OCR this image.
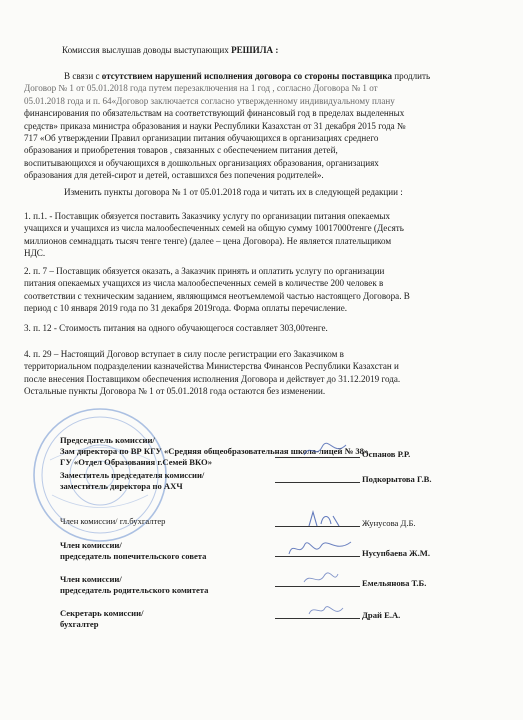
Комиссия выслушав доводы выступающих РЕШИЛА :

В связи с отсутствием нарушений исполнения договора со стороны поставщика продлить
Договор № 1 от 05.01.2018 года путем перезаключения на 1 год , согласно Договора № 1 от
05.01.2018 года и п. 64«Договор заключается согласно утвержденному индивидуальному плану
финансирования по обязательствам на соответствующий финансовый год в пределах выделенных
средств» приказа министра образования и науки Республики Казахстан от 31 декабря 2015 года №
717 «Об утверждении Правил организации питания обучающихся в организациях среднего
образования и приобретения товаров , связанных с обеспечением питания детей,
воспитывающихся и обучающихся в дошкольных организациях образования, организациях
образования для детей-сирот и детей, оставшихся без попечения родителей».

Изменить пункты договора № 1 от 05.01.2018 года и читать их в следующей редакции :

1. п.1. - Поставщик обязуется поставить Заказчику услугу по организации питания опекаемых
учащихся и учащихся из числа малообеспеченных семей на общую сумму 10017000тенге (Десять
миллионов семнадцать тысяч тенге тенге) (далее – цена Договора). Не является плательщиком
НДС.
2. п. 7 – Поставщик обязуется оказать, а Заказчик принять и оплатить услугу по организации
питания опекаемых учащихся из числа малообеспеченных семей в количестве 200 человек в
соответствии с техническим заданием, являющимся неотъемлемой частью настоящего Договора. В
период с 10 января 2019 года по 31 декабря 2019года. Форма оплаты перечисление.

3. п. 12 - Стоимость питания на одного обучающегося составляет 303,00тенге.

4. п. 29 – Настоящий Договор вступает в силу после регистрации его Заказчиком в
территориальном подразделении казначейства Министерства Финансов Республики Казахстан и
после внесения Поставщиком обеспечения исполнения Договора и действует до 31.12.2019 года.
Остальные пункты Договора № 1 от 05.01.2018 года остаются без изменении.
Председатель комиссии/
Зам директора по ВР КГУ «Средняя общеобразовательная школа-лицей № 38»
ГУ «Отдел Образования г.Семей ВКО»
Оспанов Р.Р.
Заместитель председателя комиссии/
заместитель директора по АХЧ
Подкорытова Г.В.
Член комиссии/ гл.бухгалтер	Жунусова Д.Б.
Член комиссии/
председатель попечительского совета	Нусупбаева Ж.М.
Член комиссии/
председатель родительского комитета
Емельянова Т.Б.
Секретарь комиссии/
бухгалтер
Драй Е.А.
